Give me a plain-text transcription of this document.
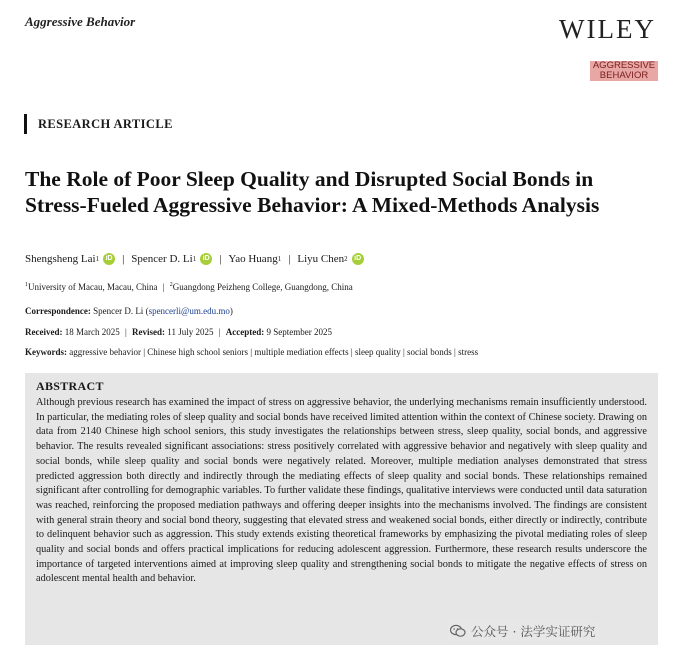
Aggressive Behavior	WILEY
AGGRESSIVE
BEHAVIOR
RESEARCH ARTICLE
The Role of Poor Sleep Quality and Disrupted Social Bonds in Stress-Fueled Aggressive Behavior: A Mixed-Methods Analysis
Shengsheng Lai 1 iD | Spencer D. Li 1 iD | Yao Huang 1 | Liyu Chen 2 iD
$^1$University of Macau, Macau, China | $^2$Guangdong Peizheng College, Guangdong, China
Correspondence: Spencer D. Li (spencerli@um.edu.mo)
Received: 18 March 2025 | Revised: 11 July 2025 | Accepted: 9 September 2025
Keywords: aggressive behavior | Chinese high school seniors | multiple mediation effects | sleep quality | social bonds | stress
ABSTRACT

Although previous research has examined the impact of stress on aggressive behavior, the underlying mechanisms remain insufficiently understood. In particular, the mediating roles of sleep quality and social bonds have received limited attention within the context of Chinese society. Drawing on data from 2140 Chinese high school seniors, this study investigates the relationships between stress, sleep quality, social bonds, and aggressive behavior. The results revealed significant associations: stress positively correlated with aggressive behavior and negatively with sleep quality and social bonds, while sleep quality and social bonds were negatively related. Moreover, multiple mediation analyses demonstrated that stress predicted aggression both directly and indirectly through the mediating effects of sleep quality and social bonds. These relationships remained significant after controlling for demographic variables. To further validate these findings, qualitative interviews were conducted until data saturation was reached, reinforcing the proposed mediation pathways and offering deeper insights into the mechanisms involved. The findings are consistent with general strain theory and social bond theory, suggesting that elevated stress and weakened social bonds, either directly or indirectly, contribute to delinquent behavior such as aggression. This study extends existing theoretical frameworks by emphasizing the pivotal mediating roles of sleep quality and social bonds and offers practical implications for reducing adolescent aggression. Furthermore, these research results underscore the importance of targeted interventions aimed at improving sleep quality and strengthening social bonds to mitigate the negative effects of stress on adolescent mental health and behavior.

公众号 · 法学实证研究
